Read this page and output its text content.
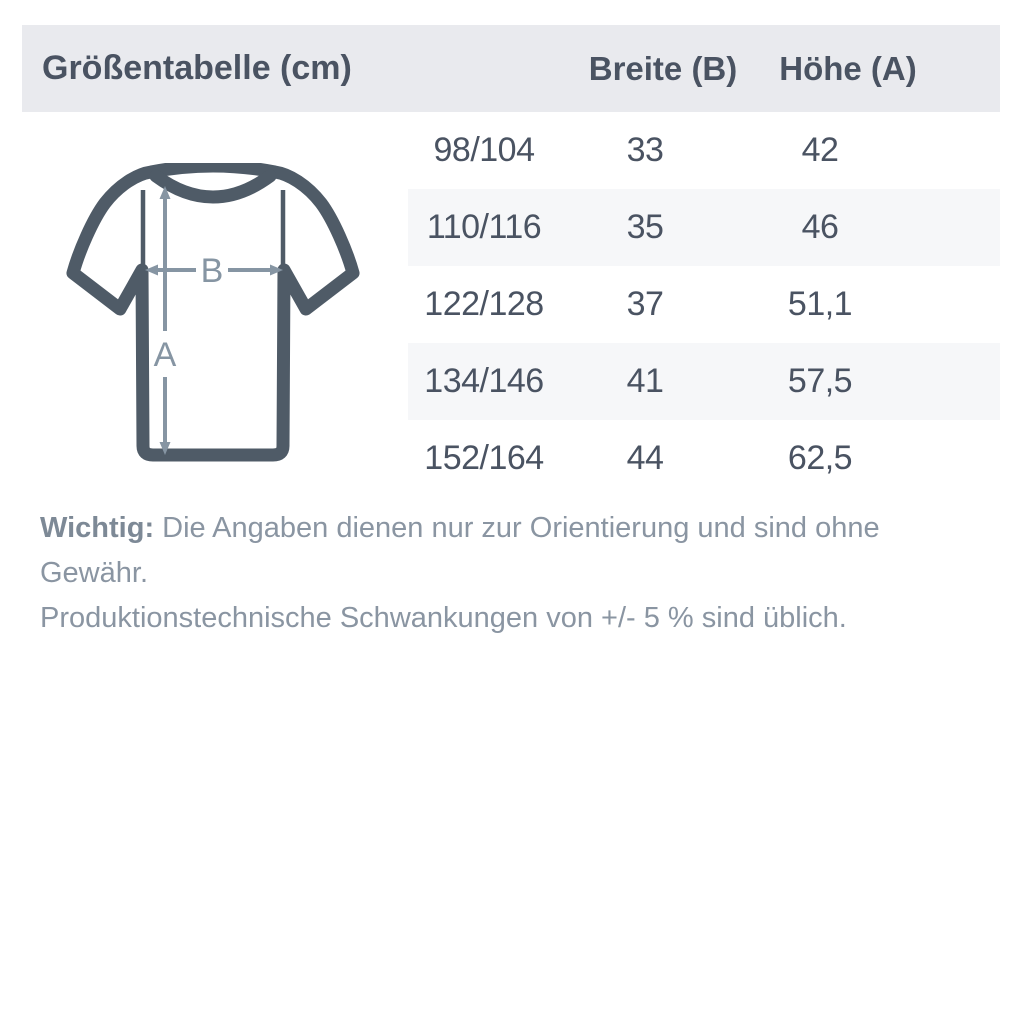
Größentabelle (cm)	Breite (B) Höhe (A)
A
B
98/104	33	42
110/116	35	46
122/128	37	51,1
134/146	41	57,5
152/164	44	62,5
Wichtig: Die Angaben dienen nur zur Orientierung und sind ohne Gewähr.
Produktionstechnische Schwankungen von +/- 5 % sind üblich.
